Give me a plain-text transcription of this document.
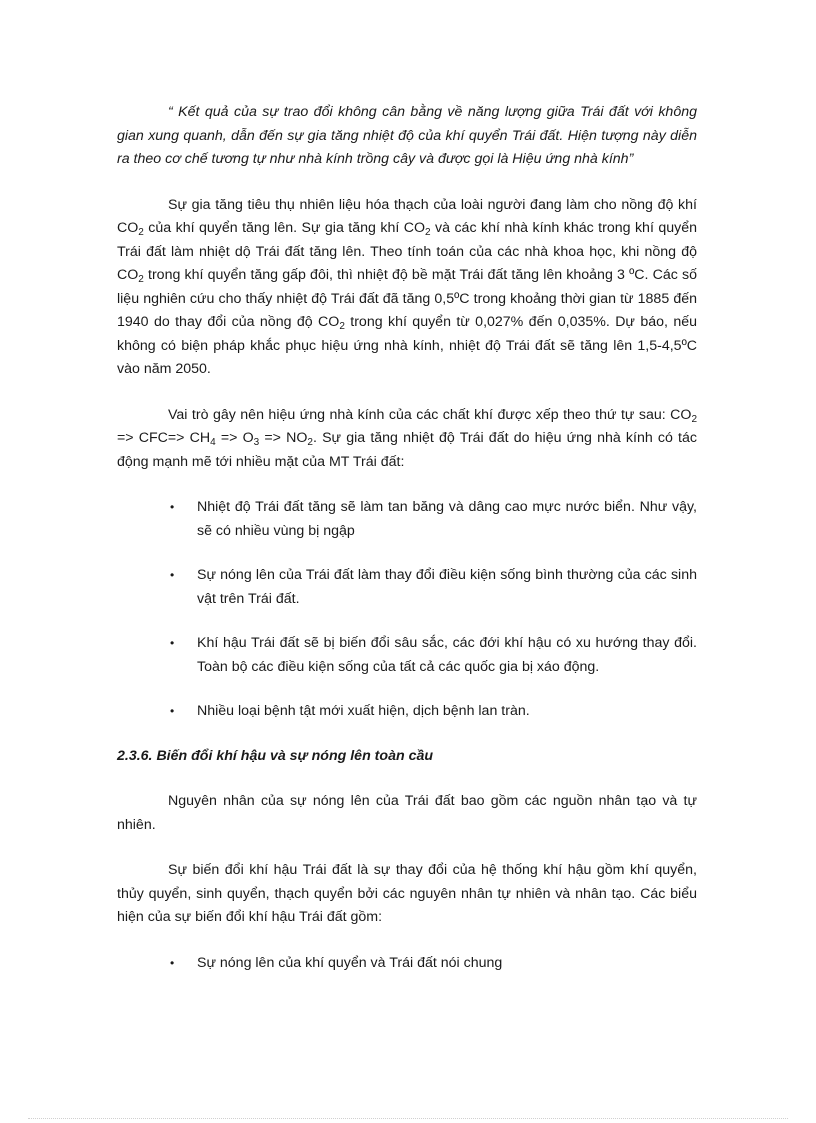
“ Kết quả của sự trao đổi không cân bằng về năng lượng giữa Trái đất với không gian xung quanh, dẫn đến sự gia tăng nhiệt độ của khí quyển Trái đất. Hiện tượng này diễn ra theo cơ chế tương tự như nhà kính trồng cây và được gọi là Hiệu ứng nhà kính”

Sự gia tăng tiêu thụ nhiên liệu hóa thạch của loài người đang làm cho nồng độ khí $CO_2$ của khí quyển tăng lên. Sự gia tăng khí $CO_2$ và các khí nhà kính khác trong khí quyển Trái đất làm nhiệt dộ Trái đất tăng lên. Theo tính toán của các nhà khoa học, khi nồng độ $CO_2$ trong khí quyển tăng gấp đôi, thì nhiệt độ bề mặt Trái đất tăng lên khoảng 3 ºC. Các số liệu nghiên cứu cho thấy nhiệt độ Trái đất đã tăng 0,5ºC trong khoảng thời gian từ 1885 đến 1940 do thay đổi của nồng độ $CO_2$ trong khí quyển từ 0,027% đến 0,035%. Dự báo, nếu không có biện pháp khắc phục hiệu ứng nhà kính, nhiệt độ Trái đất sẽ tăng lên 1,5-4,5ºC vào năm 2050.

Vai trò gây nên hiệu ứng nhà kính của các chất khí được xếp theo thứ tự sau: $CO_2 => CFC=> CH_4 => O_3 => NO_2$. Sự gia tăng nhiệt độ Trái đất do hiệu ứng nhà kính có tác động mạnh mẽ tới nhiều mặt của MT Trái đất:

•	Nhiệt độ Trái đất tăng sẽ làm tan băng và dâng cao mực nước biển. Như vậy, sẽ có nhiều vùng bị ngập
•	Sự nóng lên của Trái đất làm thay đổi điều kiện sống bình thường của các sinh vật trên Trái đất.
•	Khí hậu Trái đất sẽ bị biến đổi sâu sắc, các đới khí hậu có xu hướng thay đổi. Toàn bộ các điều kiện sống của tất cả các quốc gia bị xáo động.
•	Nhiều loại bệnh tật mới xuất hiện, dịch bệnh lan tràn.

2.3.6. Biến đổi khí hậu và sự nóng lên toàn cầu

Nguyên nhân của sự nóng lên của Trái đất bao gồm các nguồn nhân tạo và tự nhiên.

Sự biến đổi khí hậu Trái đất là sự thay đổi của hệ thống khí hậu gồm khí quyển, thủy quyển, sinh quyển, thạch quyển bởi các nguyên nhân tự nhiên và nhân tạo. Các biểu hiện của sự biến đổi khí hậu Trái đất gồm:

•	Sự nóng lên của khí quyển và Trái đất nói chung
